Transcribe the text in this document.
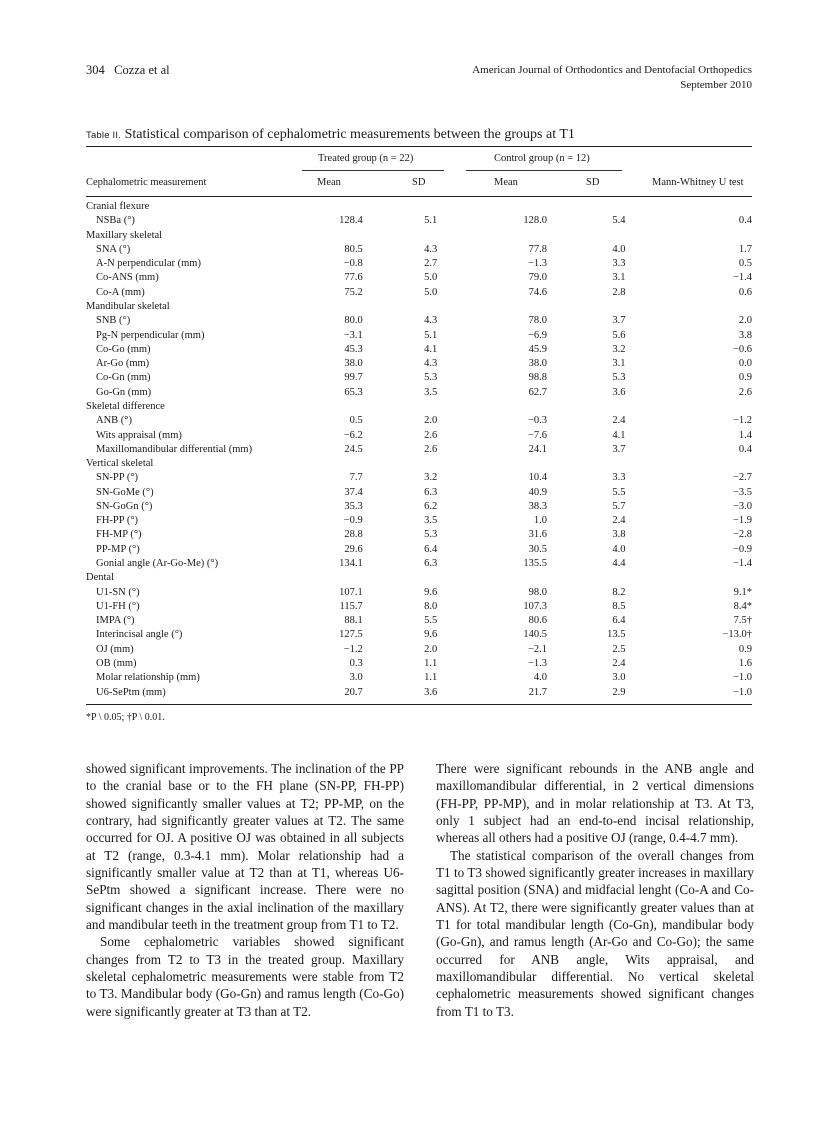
304 Cozza et al	American Journal of Orthodontics and Dentofacial Orthopedics
September 2010
Table II. Statistical comparison of cephalometric measurements between the groups at T1
Treated group (n = 22)	Control group (n = 12)
Cephalometric measurement	Mean	SD	Mean	SD	Mann-Whitney U test
Cranial flexure					
NSBa (°)	128.4	5.1	128.0	5.4	0.4
Maxillary skeletal					
SNA (°)	80.5	4.3	77.8	4.0	1.7
A-N perpendicular (mm)	−0.8	2.7	−1.3	3.3	0.5
Co-ANS (mm)	77.6	5.0	79.0	3.1	−1.4
Co-A (mm)	75.2	5.0	74.6	2.8	0.6
Mandibular skeletal					
SNB (°)	80.0	4.3	78.0	3.7	2.0
Pg-N perpendicular (mm)	−3.1	5.1	−6.9	5.6	3.8
Co-Go (mm)	45.3	4.1	45.9	3.2	−0.6
Ar-Go (mm)	38.0	4.3	38.0	3.1	0.0
Co-Gn (mm)	99.7	5.3	98.8	5.3	0.9
Go-Gn (mm)	65.3	3.5	62.7	3.6	2.6
Skeletal difference					
ANB (°)	0.5	2.0	−0.3	2.4	−1.2
Wits appraisal (mm)	−6.2	2.6	−7.6	4.1	1.4
Maxillomandibular differential (mm)	24.5	2.6	24.1	3.7	0.4
Vertical skeletal					
SN-PP (°)	7.7	3.2	10.4	3.3	−2.7
SN-GoMe (°)	37.4	6.3	40.9	5.5	−3.5
SN-GoGn (°)	35.3	6.2	38.3	5.7	−3.0
FH-PP (°)	−0.9	3.5	1.0	2.4	−1.9
FH-MP (°)	28.8	5.3	31.6	3.8	−2.8
PP-MP (°)	29.6	6.4	30.5	4.0	−0.9
Gonial angle (Ar-Go-Me) (°)	134.1	6.3	135.5	4.4	−1.4
Dental					
U1-SN (°)	107.1	9.6	98.0	8.2	9.1*
U1-FH (°)	115.7	8.0	107.3	8.5	8.4*
IMPA (°)	88.1	5.5	80.6	6.4	7.5†
Interincisal angle (°)	127.5	9.6	140.5	13.5	−13.0†
OJ (mm)	−1.2	2.0	−2.1	2.5	0.9
OB (mm)	0.3	1.1	−1.3	2.4	1.6
Molar relationship (mm)	3.0	1.1	4.0	3.0	−1.0
U6-SePtm (mm)	20.7	3.6	21.7	2.9	−1.0
*P \ 0.05; †P \ 0.01.

showed significant improvements. The inclination of the PP to the cranial base or to the FH plane (SN-PP, FH-PP) showed significantly smaller values at T2; PP-MP, on the contrary, had significantly greater values at T2. The same occurred for OJ. A positive OJ was obtained in all subjects at T2 (range, 0.3-4.1 mm). Molar relationship had a significantly smaller value at T2 than at T1, whereas U6-SePtm showed a significant increase. There were no significant changes in the axial inclination of the maxillary and mandibular teeth in the treatment group from T1 to T2.

Some cephalometric variables showed significant changes from T2 to T3 in the treated group. Maxillary skeletal cephalometric measurements were stable from T2 to T3. Mandibular body (Go-Gn) and ramus length (Co-Go) were significantly greater at T3 than at T2.

There were significant rebounds in the ANB angle and maxillomandibular differential, in 2 vertical dimensions (FH-PP, PP-MP), and in molar relationship at T3. At T3, only 1 subject had an end-to-end incisal relationship, whereas all others had a positive OJ (range, 0.4-4.7 mm).

The statistical comparison of the overall changes from T1 to T3 showed significantly greater increases in maxillary sagittal position (SNA) and midfacial lenght (Co-A and Co-ANS). At T2, there were significantly greater values than at T1 for total mandibular length (Co-Gn), mandibular body (Go-Gn), and ramus length (Ar-Go and Co-Go); the same occurred for ANB angle, Wits appraisal, and maxillomandibular differential. No vertical skeletal cephalometric measurements showed significant changes from T1 to T3.
